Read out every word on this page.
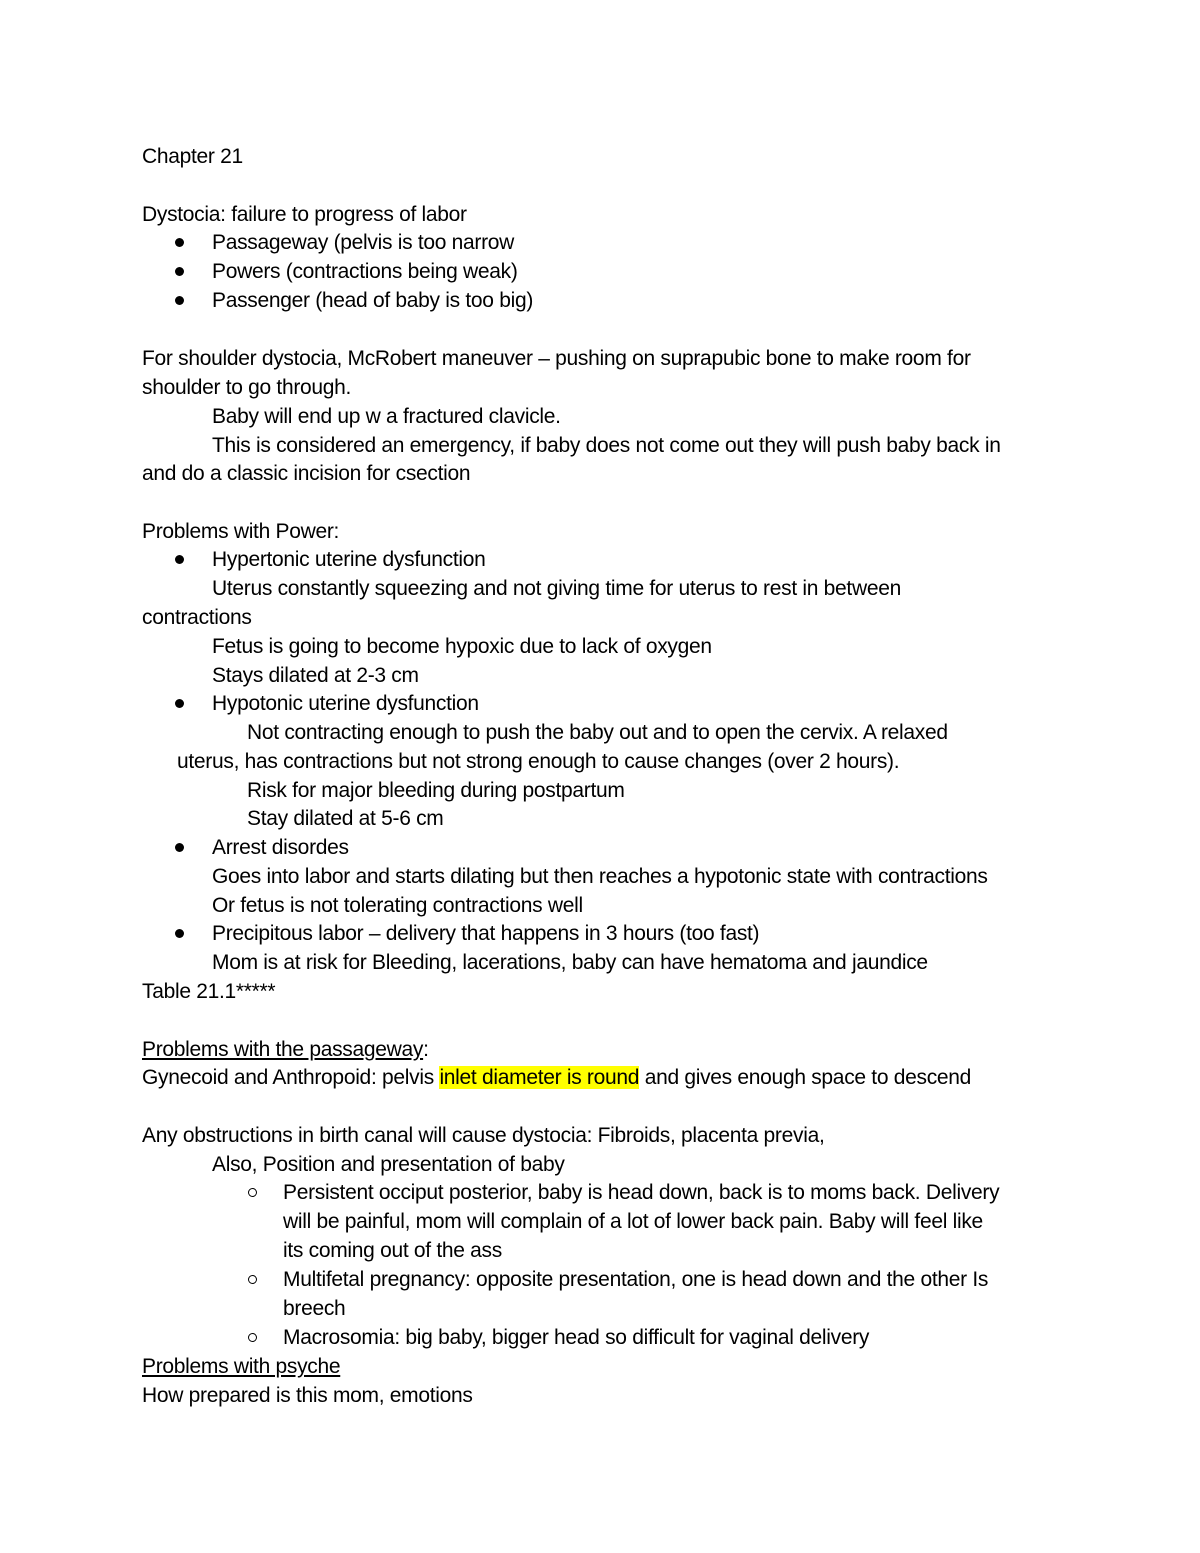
Chapter 21
Dystocia: failure to progress of labor
Passageway (pelvis is too narrow
Powers (contractions being weak)
Passenger (head of baby is too big)
For shoulder dystocia, McRobert maneuver – pushing on suprapubic bone to make room for
shoulder to go through.
Baby will end up w a fractured clavicle.
This is considered an emergency, if baby does not come out they will push baby back in
and do a classic incision for csection
Problems with Power:
Hypertonic uterine dysfunction
Uterus constantly squeezing and not giving time for uterus to rest in between
contractions
Fetus is going to become hypoxic due to lack of oxygen
Stays dilated at 2-3 cm
Hypotonic uterine dysfunction
Not contracting enough to push the baby out and to open the cervix. A relaxed
uterus, has contractions but not strong enough to cause changes (over 2 hours).
Risk for major bleeding during postpartum
Stay dilated at 5-6 cm
Arrest disordes
Goes into labor and starts dilating but then reaches a hypotonic state with contractions
Or fetus is not tolerating contractions well
Precipitous labor – delivery that happens in 3 hours (too fast)
Mom is at risk for Bleeding, lacerations, baby can have hematoma and jaundice
Table 21.1*****
Problems with the passageway:
Gynecoid and Anthropoid: pelvis inlet diameter is round and gives enough space to descend
Any obstructions in birth canal will cause dystocia: Fibroids, placenta previa,
Also, Position and presentation of baby
Persistent occiput posterior, baby is head down, back is to moms back. Delivery
will be painful, mom will complain of a lot of lower back pain. Baby will feel like
its coming out of the ass
Multifetal pregnancy: opposite presentation, one is head down and the other Is
breech
Macrosomia: big baby, bigger head so difficult for vaginal delivery
Problems with psyche
How prepared is this mom, emotions
